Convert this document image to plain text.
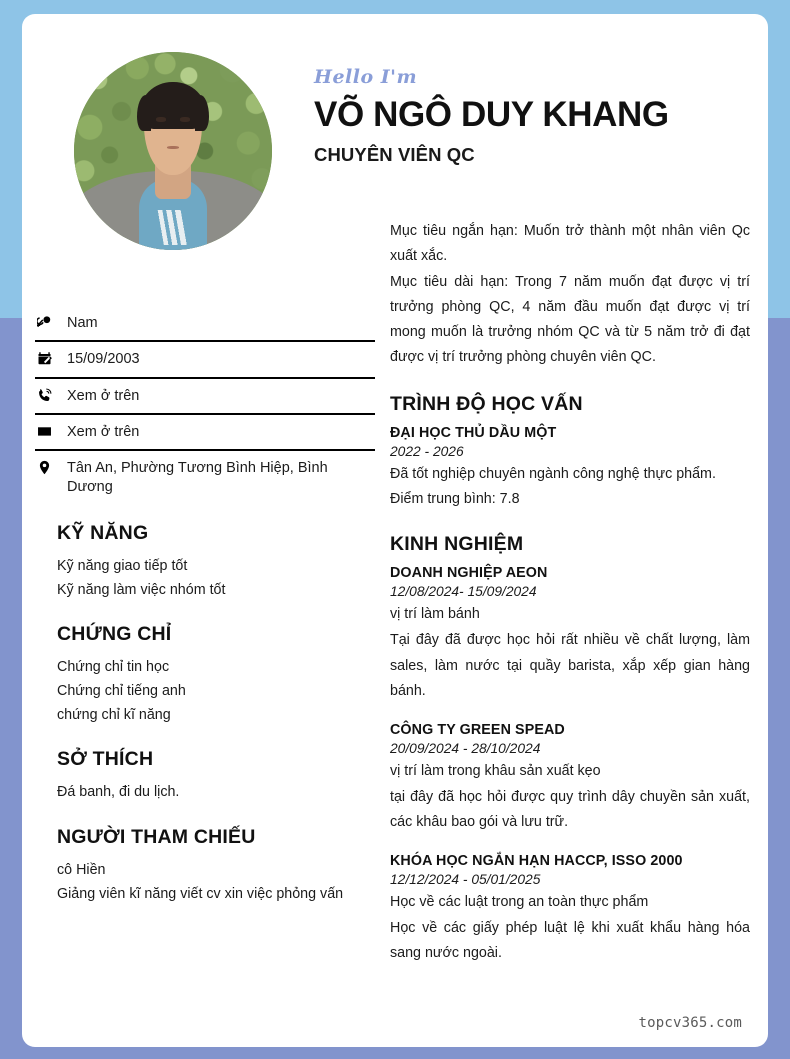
Hello I'm
VÕ NGÔ DUY KHANG
CHUYÊN VIÊN QC
Nam
15/09/2003
Xem ở trên
Xem ở trên
Tân An, Phường Tương Bình Hiệp, Bình Dương
KỸ NĂNG
Kỹ năng giao tiếp tốt
Kỹ năng làm việc nhóm tốt
CHỨNG CHỈ
Chứng chỉ tin học
Chứng chỉ tiếng anh
chứng chỉ kĩ năng
SỞ THÍCH
Đá banh, đi du lịch.
NGƯỜI THAM CHIẾU
cô Hiền
Giảng viên kĩ năng viết cv xin việc phỏng vấn
Mục tiêu ngắn hạn: Muốn trở thành một nhân viên Qc xuất xắc.
Mục tiêu dài hạn: Trong 7 năm muốn đạt được vị trí trưởng phòng QC, 4 năm đầu muốn đạt được vị trí mong muốn là trưởng nhóm QC và từ 5 năm trở đi đạt được vị trí trưởng phòng chuyên viên QC.
TRÌNH ĐỘ HỌC VẤN
ĐẠI HỌC THỦ DẦU MỘT
2022 - 2026
Đã tốt nghiệp chuyên ngành công nghệ thực phẩm.
Điểm trung bình: 7.8
KINH NGHIỆM
DOANH NGHIỆP AEON
12/08/2024- 15/09/2024
vị trí làm bánh
Tại đây đã được học hỏi rất nhiều về chất lượng, làm sales, làm nước tại quầy barista, xắp xếp gian hàng bánh.
CÔNG TY GREEN SPEAD
20/09/2024 - 28/10/2024
vị trí làm trong khâu sản xuất kẹo
tại đây đã học hỏi được quy trình dây chuyền sản xuất, các khâu bao gói và lưu trữ.
KHÓA HỌC NGẮN HẠN HACCP, ISSO 2000
12/12/2024 - 05/01/2025
Học về các luật trong an toàn thực phẩm
Học về các giấy phép luật lệ khi xuất khẩu hàng hóa sang nước ngoài.
topcv365.com
